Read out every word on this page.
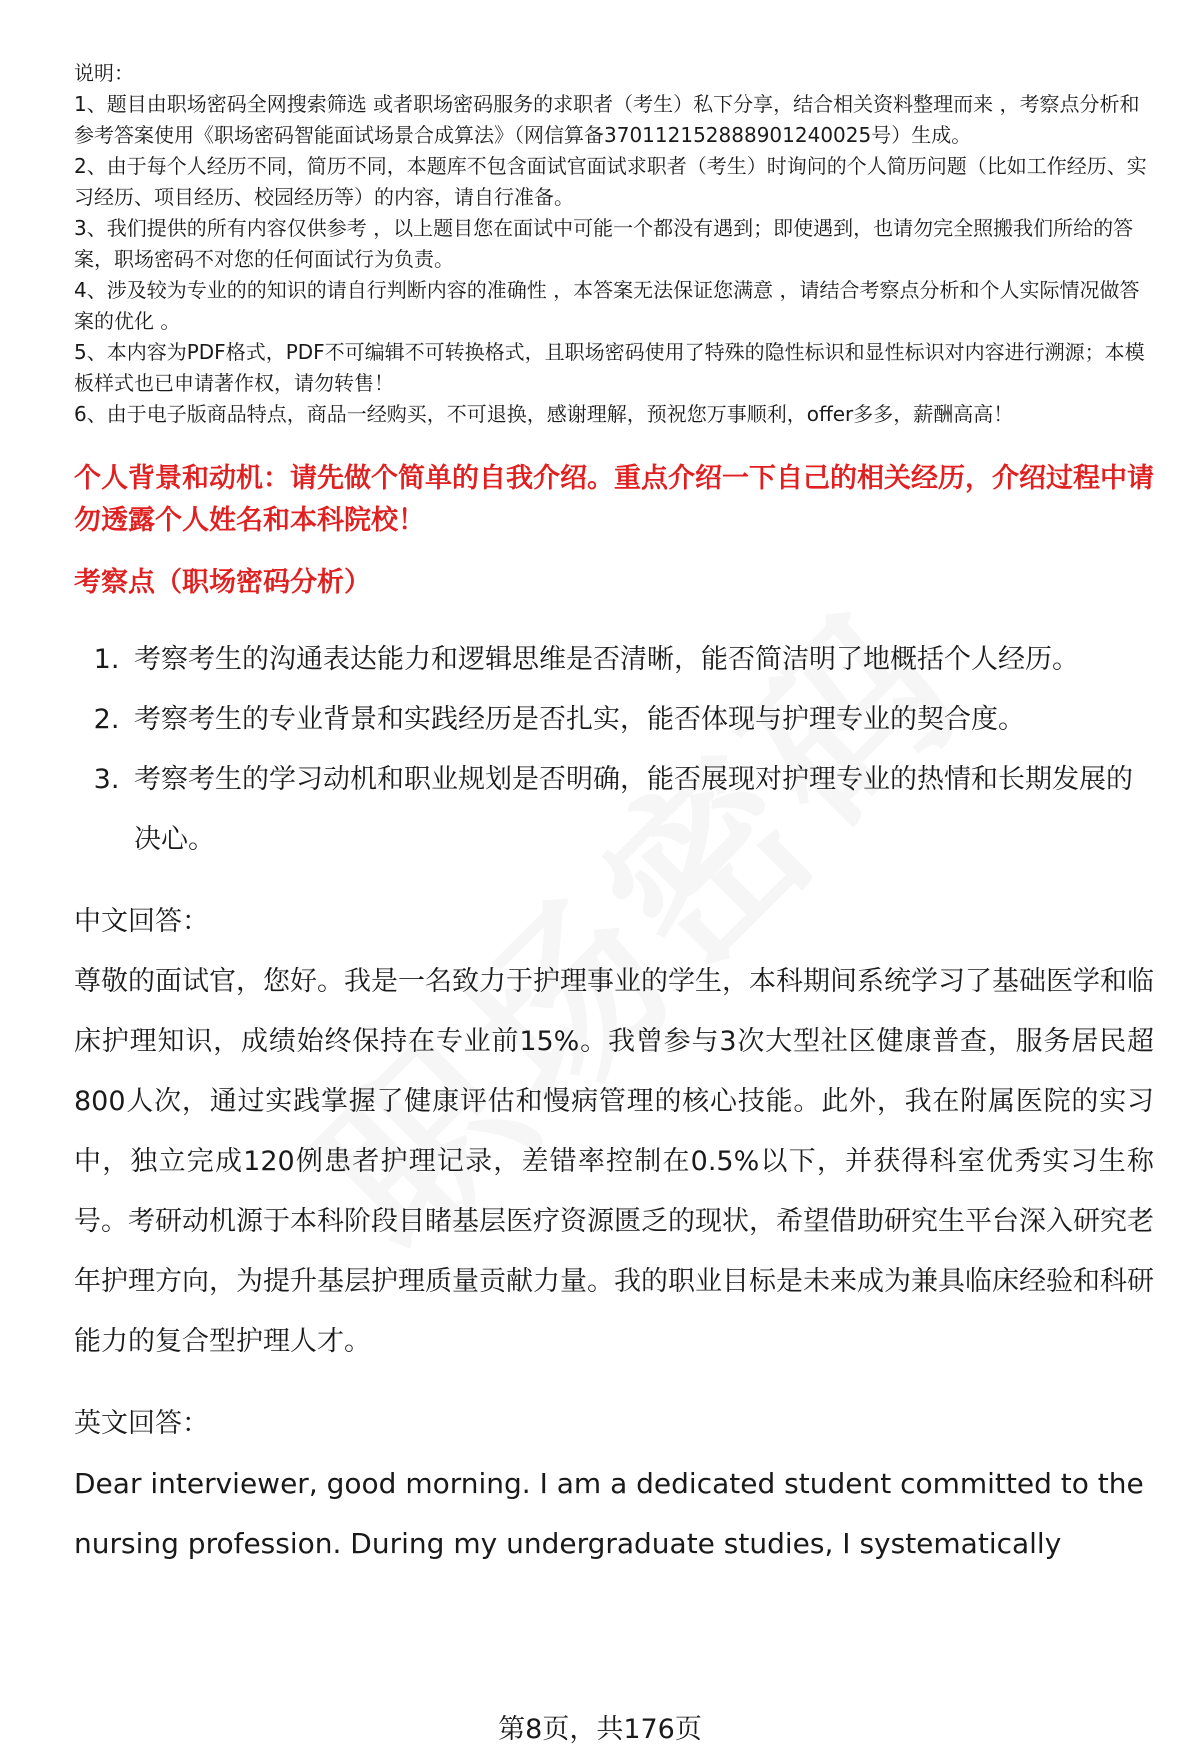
说明：
1、题目由职场密码全网搜索筛选 或者职场密码服务的求职者（考生）私下分享，结合相关资料整理而来 ，考察点分析和参考答案使用《职场密码智能面试场景合成算法》（网信算备370112152888901240025号）生成。
2、由于每个人经历不同，简历不同，本题库不包含面试官面试求职者（考生）时询问的个人简历问题（比如工作经历、实习经历、项目经历、校园经历等）的内容，请自行准备。
3、我们提供的所有内容仅供参考 ，以上题目您在面试中可能一个都没有遇到；即使遇到，也请勿完全照搬我们所给的答案，职场密码不对您的任何面试行为负责。
4、涉及较为专业的的知识的请自行判断内容的准确性 ，本答案无法保证您满意 ，请结合考察点分析和个人实际情况做答案的优化 。
5、本内容为PDF格式，PDF不可编辑不可转换格式，且职场密码使用了特殊的隐性标识和显性标识对内容进行溯源；本模板样式也已申请著作权，请勿转售！
6、由于电子版商品特点，商品一经购买，不可退换，感谢理解，预祝您万事顺利，offer多多，薪酬高高！
个人背景和动机：请先做个简单的自我介绍。重点介绍一下自己的相关经历，介绍过程中请勿透露个人姓名和本科院校！
考察点（职场密码分析）
1. 考察考生的沟通表达能力和逻辑思维是否清晰，能否简洁明了地概括个人经历。
2. 考察考生的专业背景和实践经历是否扎实，能否体现与护理专业的契合度。
3. 考察考生的学习动机和职业规划是否明确，能否展现对护理专业的热情和长期发展的决心。
中文回答：
尊敬的面试官，您好。我是一名致力于护理事业的学生，本科期间系统学习了基础医学和临床护理知识，成绩始终保持在专业前15%。我曾参与3次大型社区健康普查，服务居民超800人次，通过实践掌握了健康评估和慢病管理的核心技能。此外，我在附属医院的实习中，独立完成120例患者护理记录，差错率控制在0.5%以下，并获得科室优秀实习生称号。考研动机源于本科阶段目睹基层医疗资源匮乏的现状，希望借助研究生平台深入研究老年护理方向，为提升基层护理质量贡献力量。我的职业目标是未来成为兼具临床经验和科研能力的复合型护理人才。
英文回答：
Dear interviewer, good morning. I am a dedicated student committed to the nursing profession. During my undergraduate studies, I systematically
第8页，共176页
